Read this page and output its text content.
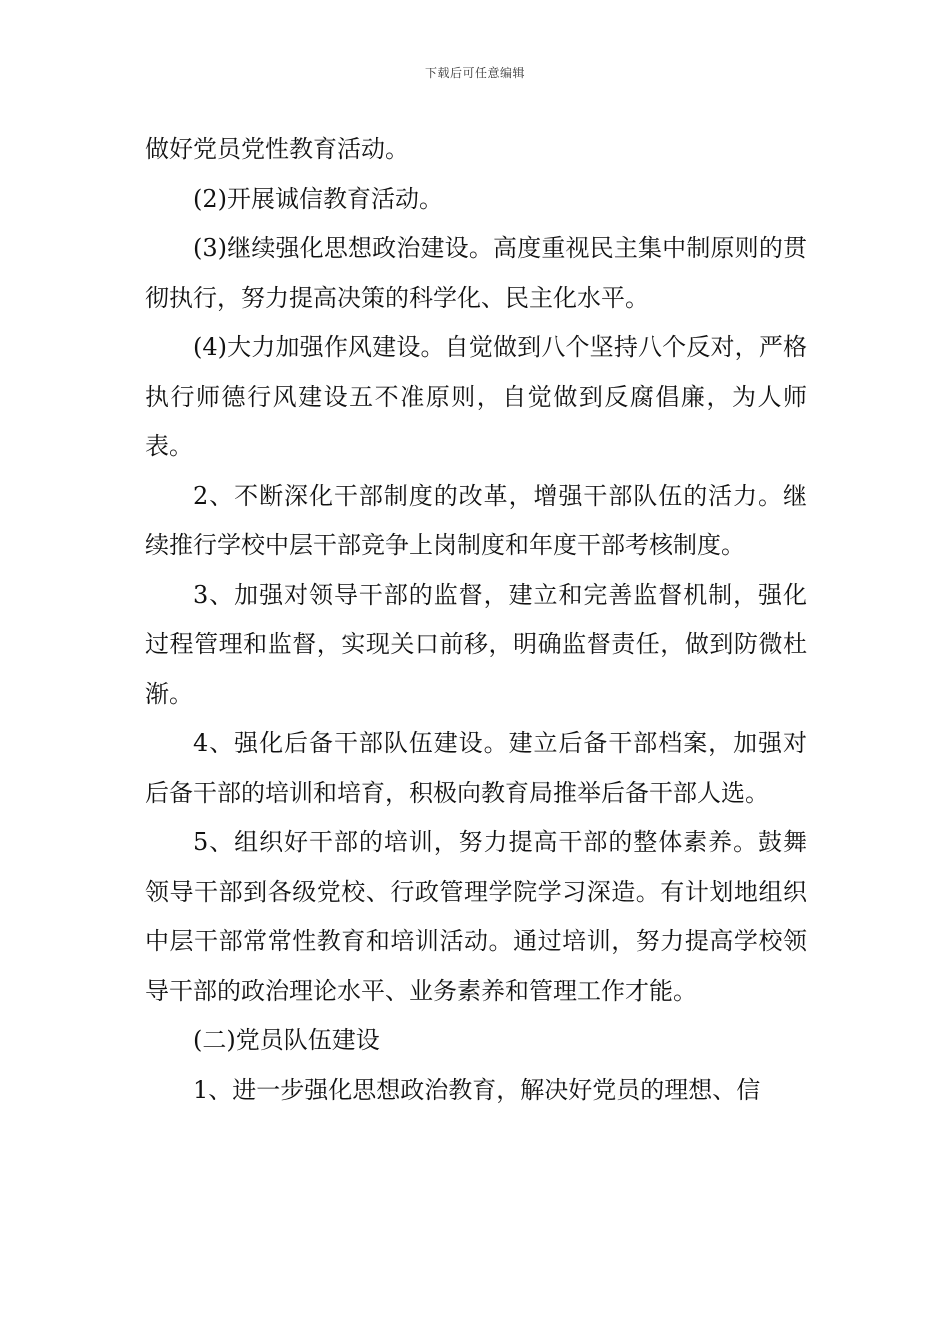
下载后可任意编辑

做好党员党性教育活动。

(2)开展诚信教育活动。

(3)继续强化思想政治建设。高度重视民主集中制原则的贯彻执行，努力提高决策的科学化、民主化水平。

(4)大力加强作风建设。自觉做到八个坚持八个反对，严格执行师德行风建设五不准原则，自觉做到反腐倡廉，为人师表。

2、不断深化干部制度的改革，增强干部队伍的活力。继续推行学校中层干部竞争上岗制度和年度干部考核制度。

3、加强对领导干部的监督，建立和完善监督机制，强化过程管理和监督，实现关口前移，明确监督责任，做到防微杜渐。

4、强化后备干部队伍建设。建立后备干部档案，加强对后备干部的培训和培育，积极向教育局推举后备干部人选。

5、组织好干部的培训，努力提高干部的整体素养。鼓舞领导干部到各级党校、行政管理学院学习深造。有计划地组织中层干部常常性教育和培训活动。通过培训，努力提高学校领导干部的政治理论水平、业务素养和管理工作才能。

(二)党员队伍建设

1、进一步强化思想政治教育，解决好党员的理想、信
